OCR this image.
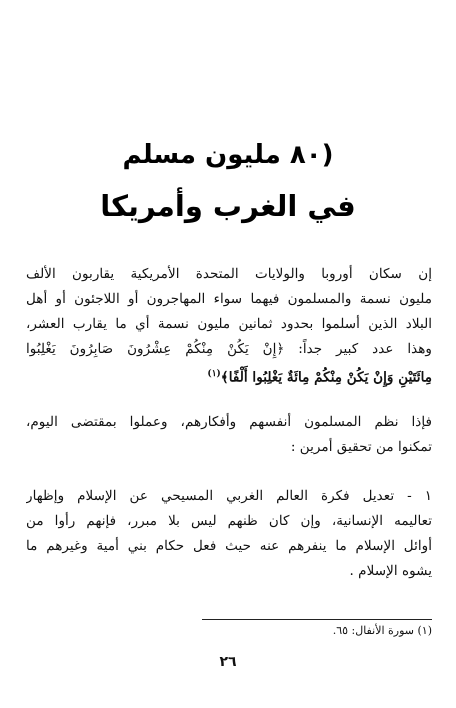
(٨٠ مليون مسلم
في الغرب وأمريكا
إن سكان أوروبا والولايات المتحدة الأمريكية يقاربون الألف
مليون نسمة والمسلمون فيهما سواء المهاجرون أو اللاجئون أو أهل
البلاد الذين أسلموا بحدود ثمانين مليون نسمة أي ما يقارب العشر،
وهذا عدد كبير جداً: ﴿إِنْ يَكُنْ مِنْكُمْ عِشْرُونَ صَابِرُونَ يَغْلِبُوا
مِائَتَيْنِ وَإِنْ يَكُنْ مِنْكُمْ مِائَةٌ يَغْلِبُوا أَلْفًا﴾$^{(١)}$
فإذا نظم المسلمون أنفسهم وأفكارهم، وعملوا بمقتضى اليوم،
تمكنوا من تحقيق أمرين :
١ - تعديل فكرة العالم الغربي المسيحي عن الإسلام وإظهار
تعاليمه الإنسانية، وإن كان ظنهم ليس بلا مبرر، فإنهم رأوا من
أوائل الإسلام ما ينفرهم عنه حيث فعل حكام بني أمية وغيرهم ما
يشوه الإسلام .
(١) سورة الأنفال: ٦٥.
٢٦
